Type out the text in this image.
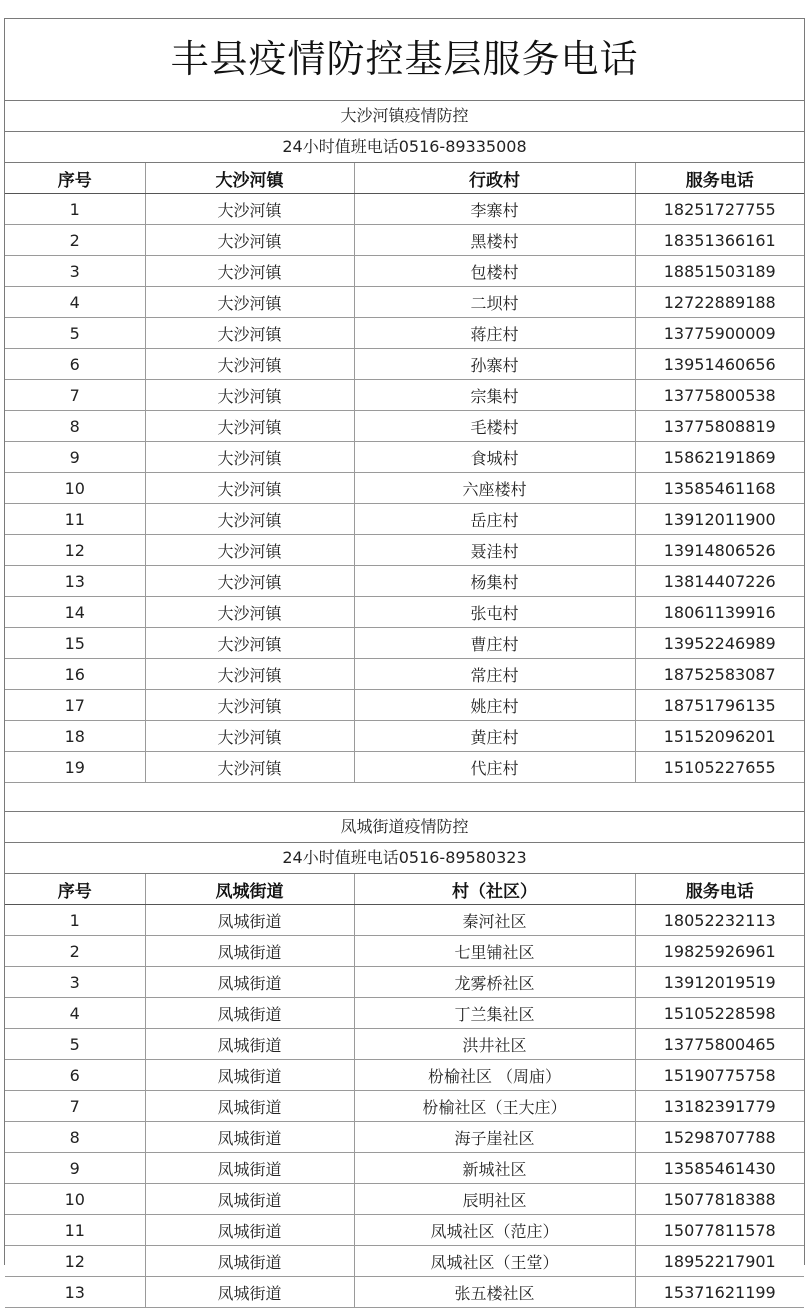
丰县疫情防控基层服务电话
大沙河镇疫情防控
24小时值班电话0516-89335008
序号	大沙河镇	行政村	服务电话
1	大沙河镇	李寨村	18251727755
2	大沙河镇	黑楼村	18351366161
3	大沙河镇	包楼村	18851503189
4	大沙河镇	二坝村	12722889188
5	大沙河镇	蒋庄村	13775900009
6	大沙河镇	孙寨村	13951460656
7	大沙河镇	宗集村	13775800538
8	大沙河镇	毛楼村	13775808819
9	大沙河镇	食城村	15862191869
10	大沙河镇	六座楼村	13585461168
11	大沙河镇	岳庄村	13912011900
12	大沙河镇	聂洼村	13914806526
13	大沙河镇	杨集村	13814407226
14	大沙河镇	张屯村	18061139916
15	大沙河镇	曹庄村	13952246989
16	大沙河镇	常庄村	18752583087
17	大沙河镇	姚庄村	18751796135
18	大沙河镇	黄庄村	15152096201
19	大沙河镇	代庄村	15105227655
凤城街道疫情防控
24小时值班电话0516-89580323
序号	凤城街道	村（社区）	服务电话
1	凤城街道	秦河社区	18052232113
2	凤城街道	七里铺社区	19825926961
3	凤城街道	龙雾桥社区	13912019519
4	凤城街道	丁兰集社区	15105228598
5	凤城街道	洪井社区	13775800465
6	凤城街道	枌榆社区 （周庙）	15190775758
7	凤城街道	枌榆社区（王大庄）	13182391779
8	凤城街道	海子崖社区	15298707788
9	凤城街道	新城社区	13585461430
10	凤城街道	辰明社区	15077818388
11	凤城街道	凤城社区（范庄）	15077811578
12	凤城街道	凤城社区（王堂）	18952217901
13	凤城街道	张五楼社区	15371621199
